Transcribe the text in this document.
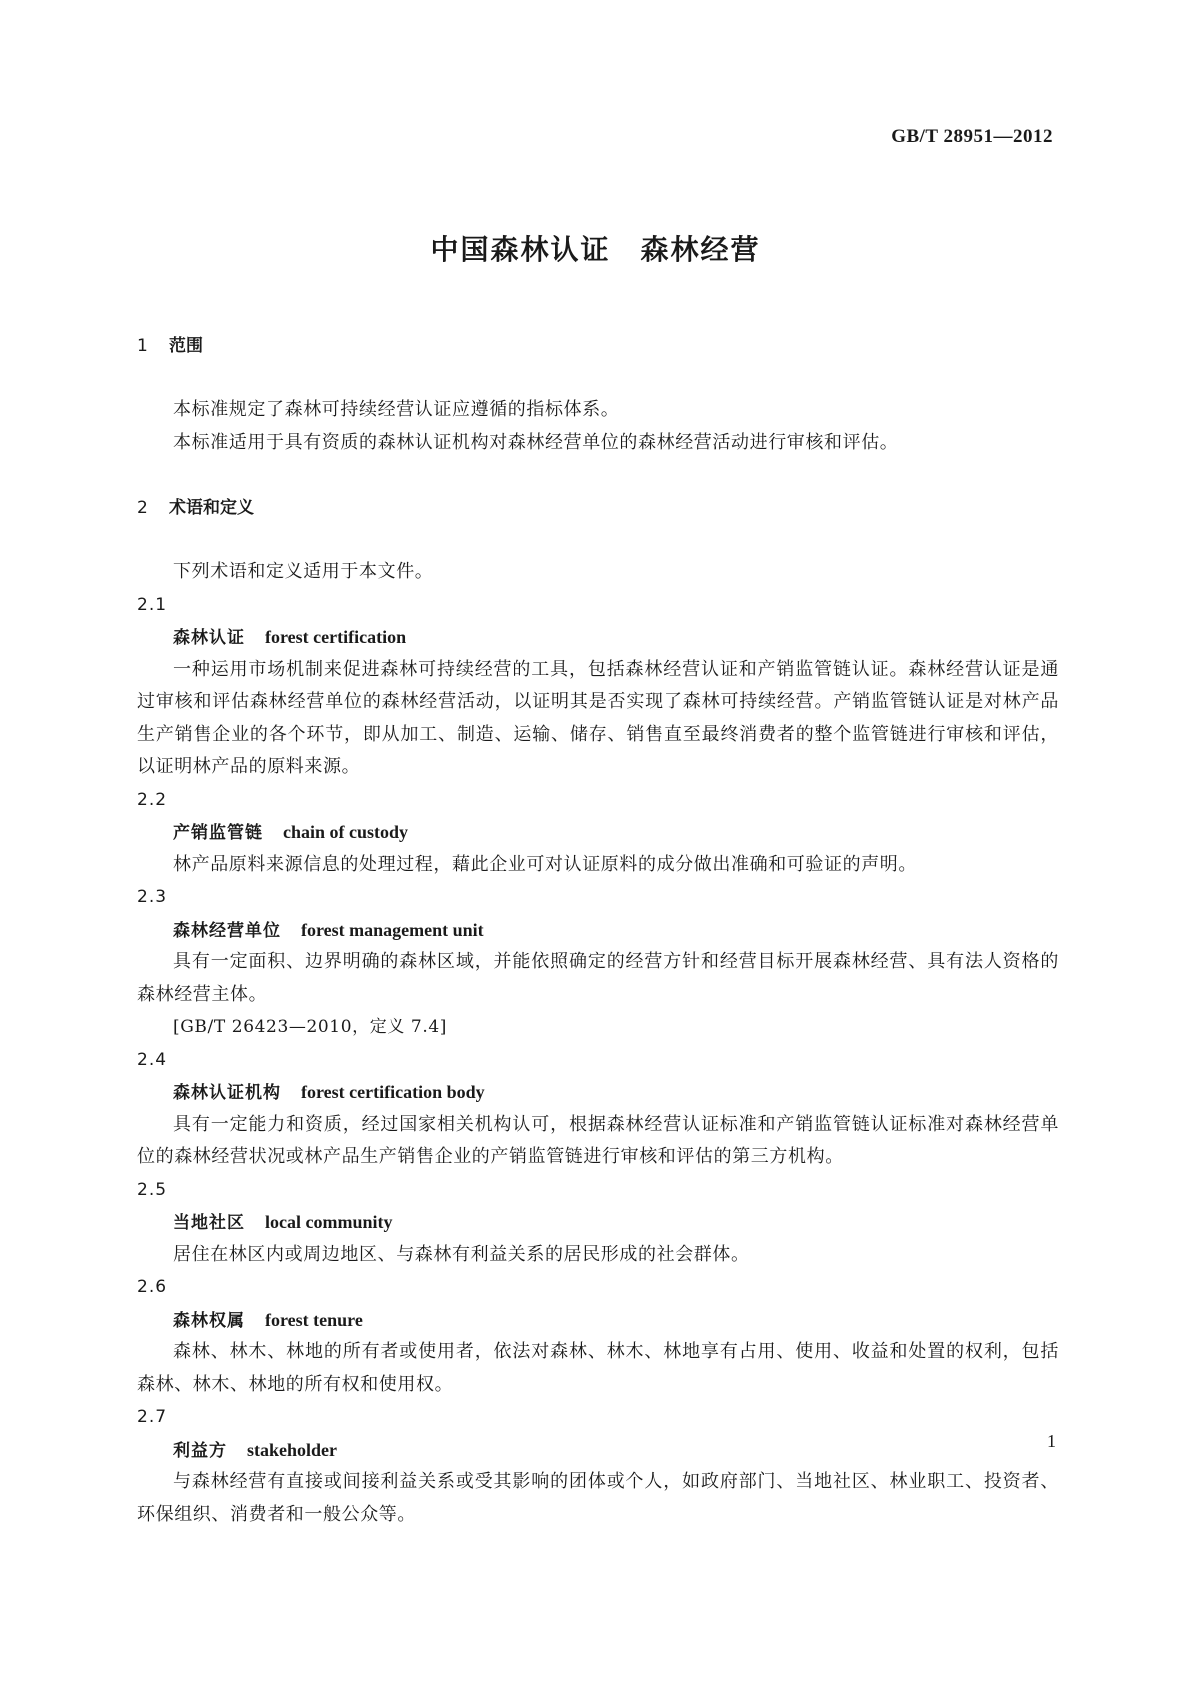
GB/T 28951—2012
中国森林认证　森林经营
1 范围

本标准规定了森林可持续经营认证应遵循的指标体系。

本标准适用于具有资质的森林认证机构对森林经营单位的森林经营活动进行审核和评估。

2 术语和定义

下列术语和定义适用于本文件。

2.1
森林认证 forest certification

一种运用市场机制来促进森林可持续经营的工具，包括森林经营认证和产销监管链认证。森林经营认证是通过审核和评估森林经营单位的森林经营活动，以证明其是否实现了森林可持续经营。产销监管链认证是对林产品生产销售企业的各个环节，即从加工、制造、运输、储存、销售直至最终消费者的整个监管链进行审核和评估，以证明林产品的原料来源。

2.2
产销监管链 chain of custody

林产品原料来源信息的处理过程，藉此企业可对认证原料的成分做出准确和可验证的声明。

2.3
森林经营单位 forest management unit

具有一定面积、边界明确的森林区域，并能依照确定的经营方针和经营目标开展森林经营、具有法人资格的森林经营主体。

[GB/T 26423—2010，定义 7.4]
2.4
森林认证机构 forest certification body

具有一定能力和资质，经过国家相关机构认可，根据森林经营认证标准和产销监管链认证标准对森林经营单位的森林经营状况或林产品生产销售企业的产销监管链进行审核和评估的第三方机构。

2.5
当地社区 local community

居住在林区内或周边地区、与森林有利益关系的居民形成的社会群体。

2.6
森林权属 forest tenure

森林、林木、林地的所有者或使用者，依法对森林、林木、林地享有占用、使用、收益和处置的权利，包括森林、林木、林地的所有权和使用权。

2.7
利益方 stakeholder

与森林经营有直接或间接利益关系或受其影响的团体或个人，如政府部门、当地社区、林业职工、投资者、环保组织、消费者和一般公众等。

1
